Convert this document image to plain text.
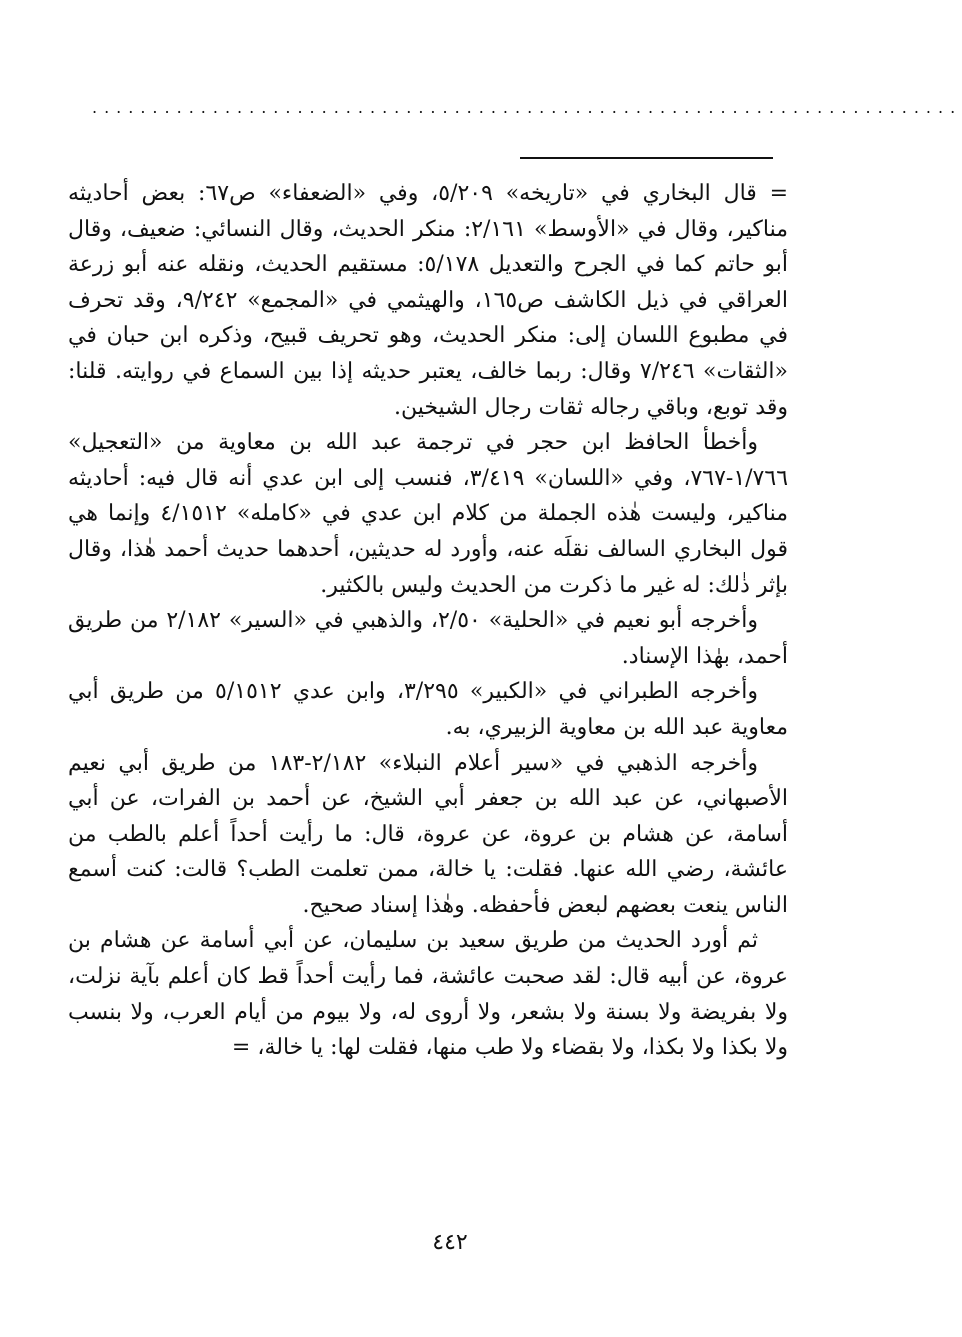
........................................................................

= قال البخاري في «تاريخه» ٥/٢٠٩، وفي «الضعفاء» ص٦٧: بعض أحاديثه مناكير، وقال في «الأوسط» ٢/١٦١: منكر الحديث، وقال النسائي: ضعيف، وقال أبو حاتم كما في الجرح والتعديل ٥/١٧٨: مستقيم الحديث، ونقله عنه أبو زرعة العراقي في ذيل الكاشف ص١٦٥، والهيثمي في «المجمع» ٩/٢٤٢، وقد تحرف في مطبوع اللسان إلى: منكر الحديث، وهو تحريف قبيح، وذكره ابن حبان في «الثقات» ٧/٢٤٦ وقال: ربما خالف، يعتبر حديثه إذا بين السماع في روايته. قلنا: وقد توبع، وباقي رجاله ثقات رجال الشيخين.

وأخطأ الحافظ ابن حجر في ترجمة عبد الله بن معاوية من «التعجيل» ١/٧٦٦-٧٦٧، وفي «اللسان» ٣/٤١٩، فنسب إلى ابن عدي أنه قال فيه: أحاديثه مناكير، وليست هٰذه الجملة من كلام ابن عدي في «كامله» ٤/١٥١٢ وإنما هي قول البخاري السالف نقلَه عنه، وأورد له حديثين، أحدهما حديث أحمد هٰذا، وقال بإثر ذٰلك: له غير ما ذكرت من الحديث وليس بالكثير.

وأخرجه أبو نعيم في «الحلية» ٢/٥٠، والذهبي في «السير» ٢/١٨٢ من طريق أحمد، بهٰذا الإسناد.

وأخرجه الطبراني في «الكبير» ٣/٢٩٥، وابن عدي ٥/١٥١٢ من طريق أبي معاوية عبد الله بن معاوية الزبيري، به.

وأخرجه الذهبي في «سير أعلام النبلاء» ٢/١٨٢-١٨٣ من طريق أبي نعيم الأصبهاني، عن عبد الله بن جعفر أبي الشيخ، عن أحمد بن الفرات، عن أبي أسامة، عن هشام بن عروة، عن عروة، قال: ما رأيت أحداً أعلم بالطب من عائشة، رضي الله عنها. فقلت: يا خالة، ممن تعلمت الطب؟ قالت: كنت أسمع الناس ينعت بعضهم لبعض فأحفظه. وهٰذا إسناد صحيح.

ثم أورد الحديث من طريق سعيد بن سليمان، عن أبي أسامة عن هشام بن عروة، عن أبيه قال: لقد صحبت عائشة، فما رأيت أحداً قط كان أعلم بآية نزلت، ولا بفريضة ولا بسنة ولا بشعر، ولا أروى له، ولا بيوم من أيام العرب، ولا بنسب ولا بكذا ولا بكذا، ولا بقضاء ولا طب منها، فقلت لها: يا خالة، =

٤٤٢
